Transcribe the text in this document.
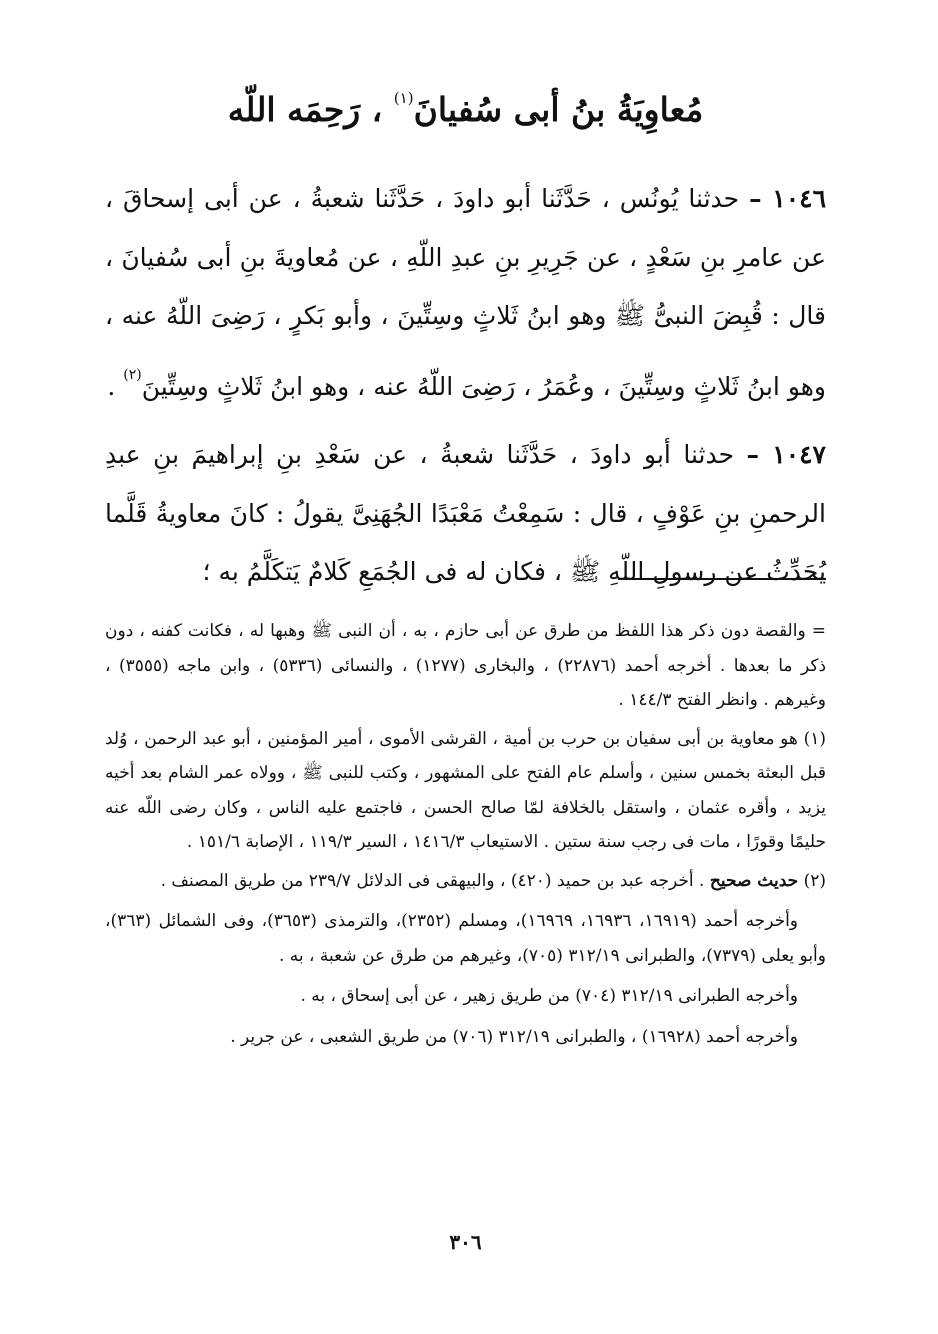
مُعاوِيَةُ بنُ أبى سُفيانَ$^{(١)}$ ، رَحِمَه اللّه

١٠٤٦ – حدثنا يُونُس ، حَدَّثَنا أبو داودَ ، حَدَّثَنا شعبةُ ، عن أبى إسحاقَ ، عن عامرِ بنِ سَعْدٍ ، عن جَرِيرِ بنِ عبدِ اللّهِ ، عن مُعاويةَ بنِ أبى سُفيانَ ، قال : قُبِضَ النبىُّ ﷺ وهو ابنُ ثَلاثٍ وسِتِّينَ ، وأبو بَكرٍ ، رَضِىَ اللّهُ عنه ، وهو ابنُ ثَلاثٍ وسِتِّينَ ، وعُمَرُ ، رَضِىَ اللّهُ عنه ، وهو ابنُ ثَلاثٍ وسِتِّينَ$^{(٢)}$ .

١٠٤٧ – حدثنا أبو داودَ ، حَدَّثَنا شعبةُ ، عن سَعْدِ بنِ إبراهيمَ بنِ عبدِ الرحمنِ بنِ عَوْفٍ ، قال : سَمِعْتُ مَعْبَدًا الجُهَنِىَّ يقولُ : كانَ معاويةُ قَلَّما يُحَدِّثُ عن رسولِ اللّهِ ﷺ ، فكان له فى الجُمَعِ كَلامٌ يَتكَلَّمُ به ؛

= والقصة دون ذكر هذا اللفظ من طرق عن أبى حازم ، به ، أن النبى ﷺ وهبها له ، فكانت كفنه ، دون ذكر ما بعدها . أخرجه أحمد (٢٢٨٧٦) ، والبخارى (١٢٧٧) ، والنسائى (٥٣٣٦) ، وابن ماجه (٣٥٥٥) ، وغيرهم . وانظر الفتح ١٤٤/٣ .

(١) هو معاوية بن أبى سفيان بن حرب بن أمية ، القرشى الأموى ، أمير المؤمنين ، أبو عبد الرحمن ، وُلد قبل البعثة بخمس سنين ، وأسلم عام الفتح على المشهور ، وكتب للنبى ﷺ ، وولاه عمر الشام بعد أخيه يزيد ، وأقره عثمان ، واستقل بالخلافة لمّا صالح الحسن ، فاجتمع عليه الناس ، وكان رضى اللّه عنه حليمًا وقورًا ، مات فى رجب سنة ستين . الاستيعاب ١٤١٦/٣ ، السير ١١٩/٣ ، الإصابة ١٥١/٦ .

(٢) حديث صحيح . أخرجه عبد بن حميد (٤٢٠) ، والبيهقى فى الدلائل ٢٣٩/٧ من طريق المصنف .

وأخرجه أحمد (١٦٩١٩، ١٦٩٣٦، ١٦٩٦٩)، ومسلم (٢٣٥٢)، والترمذى (٣٦٥٣)، وفى الشمائل (٣٦٣)، وأبو يعلى (٧٣٧٩)، والطبرانى ٣١٢/١٩ (٧٠٥)، وغيرهم من طرق عن شعبة ، به .

وأخرجه الطبرانى ٣١٢/١٩ (٧٠٤) من طريق زهير ، عن أبى إسحاق ، به .

وأخرجه أحمد (١٦٩٢٨) ، والطبرانى ٣١٢/١٩ (٧٠٦) من طريق الشعبى ، عن جرير .

٣٠٦
